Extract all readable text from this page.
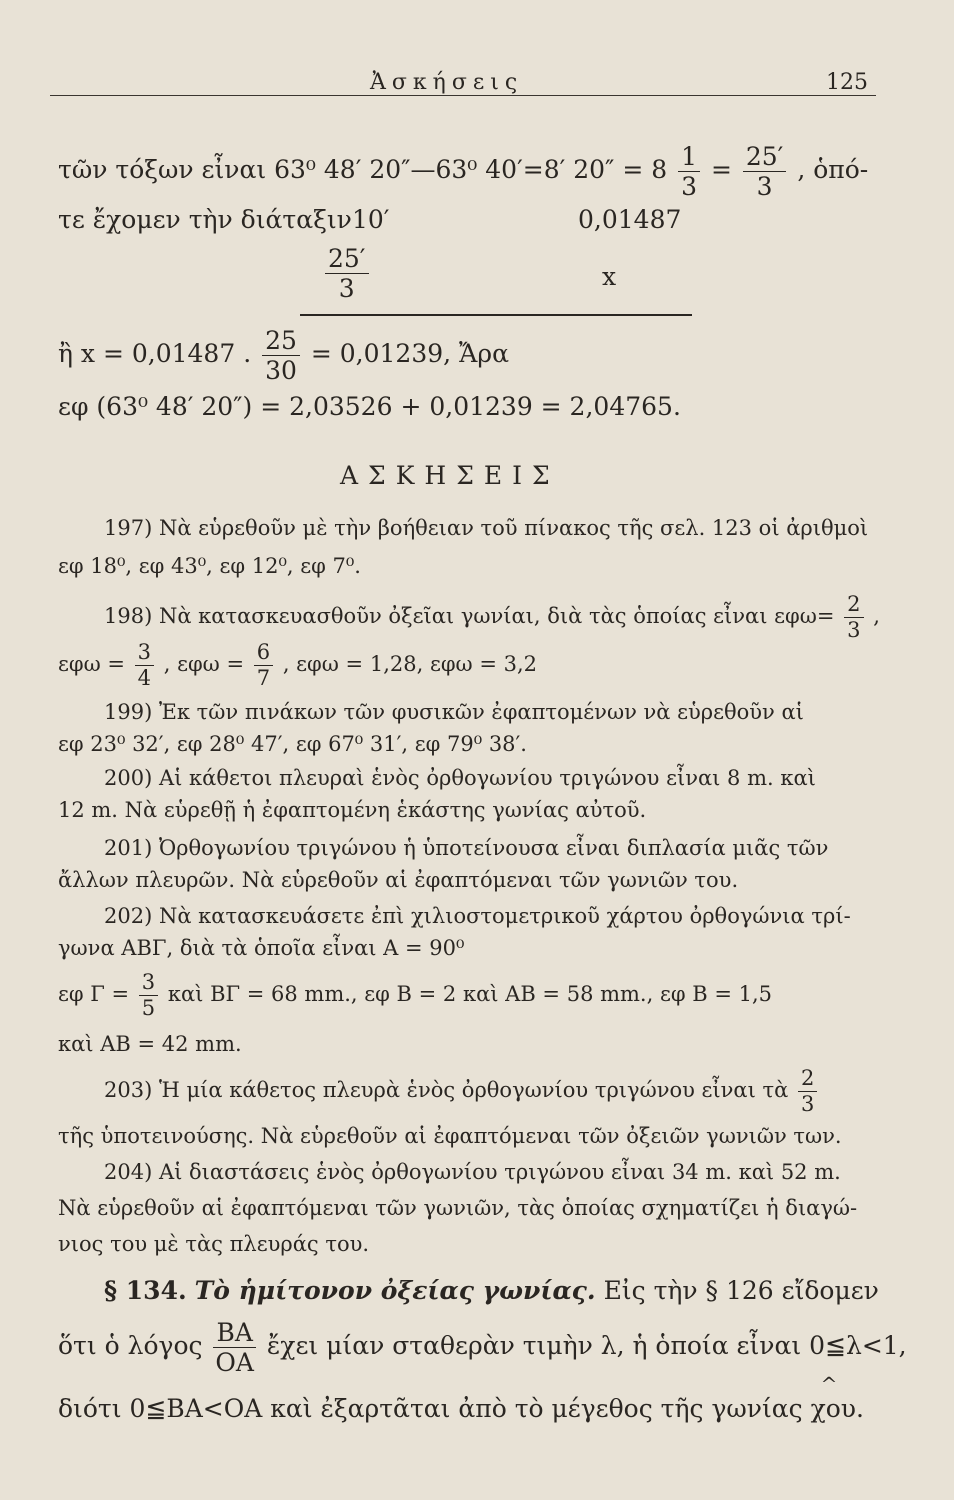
Ἀσκήσεις	125
τῶν τόξων εἶναι 63⁰ 48′ 20″—63⁰ 40′=8′ $20'' = 8 \frac{1}{3} = \frac{25'}{3}$ , ὁπό-
τε ἔχομεν τὴν διάταξιν 10′	0,01487
$\frac{25'}{3}$	x
ἢ x = 0,01487 . $\frac{25}{30} = 0,01239$, Ἄρα
εφ (63⁰ 48′ 20″) = 2,03526 + 0,01239 = 2,04765.
ΑΣΚΗΣΕΙΣ
197) Νὰ εὑρεθοῦν μὲ τὴν βοήθειαν τοῦ πίνακος τῆς σελ. 123 οἱ ἀριθμοὶ
εφ 18⁰, εφ 43⁰, εφ 12⁰, εφ 7⁰.
198) Νὰ κατασκευασθοῦν ὀξεῖαι γωνίαι, διὰ τὰς ὁποίας εἶναι $\varepsilon\varphi\omega= \frac{2}{3}$ ,
$\varepsilon\varphi\omega = \frac{3}{4}$ , $\varepsilon\varphi\omega = \frac{6}{7}$ , εφω = 1,28, εφω = 3,2
199) Ἐκ τῶν πινάκων τῶν φυσικῶν ἐφαπτομένων νὰ εὑρεθοῦν αἱ
εφ 23⁰ 32′, εφ 28⁰ 47′, εφ 67⁰ 31′, εφ 79⁰ 38′.
200) Αἱ κάθετοι πλευραὶ ἑνὸς ὀρθογωνίου τριγώνου εἶναι 8 m. καὶ
12 m. Νὰ εὑρεθῇ ἡ ἐφαπτομένη ἑκάστης γωνίας αὐτοῦ.
201) Ὀρθογωνίου τριγώνου ἡ ὑποτείνουσα εἶναι διπλασία μιᾶς τῶν
ἄλλων πλευρῶν. Νὰ εὑρεθοῦν αἱ ἐφαπτόμεναι τῶν γωνιῶν του.
202) Νὰ κατασκευάσετε ἐπὶ χιλιοστομετρικοῦ χάρτου ὀρθογώνια τρί-
γωνα ΑΒΓ, διὰ τὰ ὁποῖα εἶναι Α = 90⁰
εφ $\Gamma = \frac{3}{5}$ καὶ ΒΓ = 68 mm., εφ Β = 2 καὶ ΑΒ = 58 mm., εφ Β = 1,5
καὶ ΑΒ = 42 mm.
203) Ἡ μία κάθετος πλευρὰ ἑνὸς ὀρθογωνίου τριγώνου εἶναι τὰ $\frac{2}{3}$
τῆς ὑποτεινούσης. Νὰ εὑρεθοῦν αἱ ἐφαπτόμεναι τῶν ὀξειῶν γωνιῶν των.
204) Αἱ διαστάσεις ἑνὸς ὀρθογωνίου τριγώνου εἶναι 34 m. καὶ 52 m.
Νὰ εὑρεθοῦν αἱ ἐφαπτόμεναι τῶν γωνιῶν, τὰς ὁποίας σχηματίζει ἡ διαγώ-
νιος του μὲ τὰς πλευράς του.
§ 134. Τὸ ἡμίτονον ὀξείας γωνίας. Εἰς τὴν § 126 εἴδομεν
ὅτι ὁ λόγος $\frac{BA}{OA}$ ἔχει μίαν σταθερὰν τιμὴν λ, ἡ ὁποία εἶναι 0≦λ<1,
διότι 0≦ΒΑ<ΟΑ καὶ ἐξαρτᾶται ἀπὸ τὸ μέγεθος τῆς γωνίας
^
χου.
